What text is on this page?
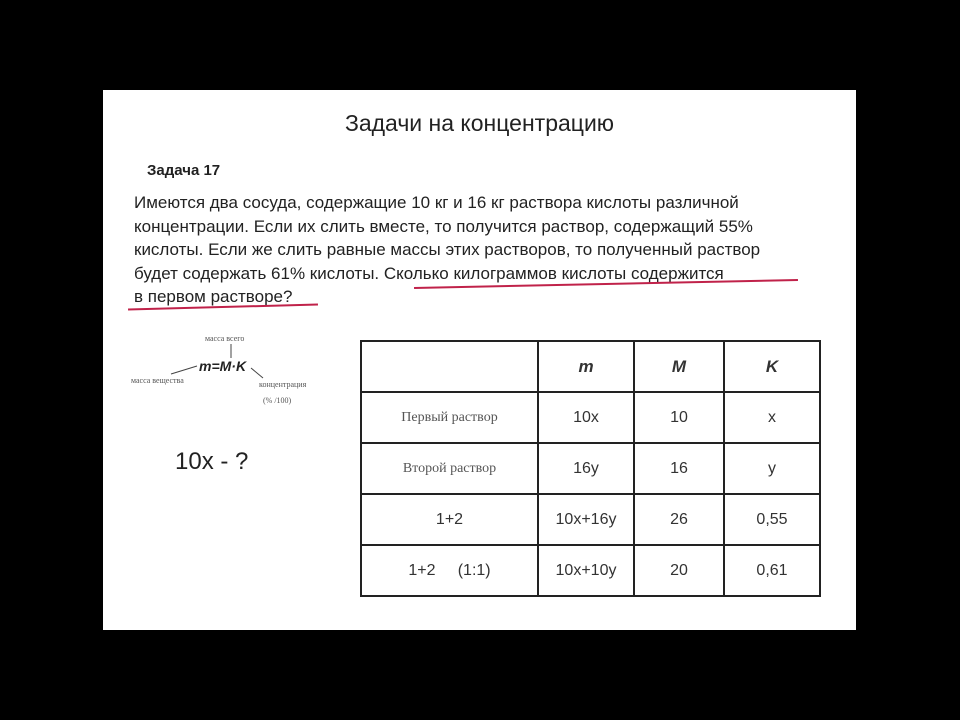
Задачи на концентрацию
Задача 17
Имеются два сосуда, содержащие 10 кг и 16 кг раствора кислоты различной
концентрации. Если их слить вместе, то получится раствор, содержащий 55%
кислоты. Если же слить равные массы этих растворов, то полученный раствор
будет содержать 61% кислоты. Сколько килограммов кислоты содержится
в первом растворе?
масса всего
m=M·K
масса вещества	концентрация
(% /100)
10x - ?
	m	M	K
Первый раствор	10x	10	x
Второй раствор	16y	16	y
1+2	10x+16y	26	0,55
1+2     (1:1)	10x+10y	20	0,61
